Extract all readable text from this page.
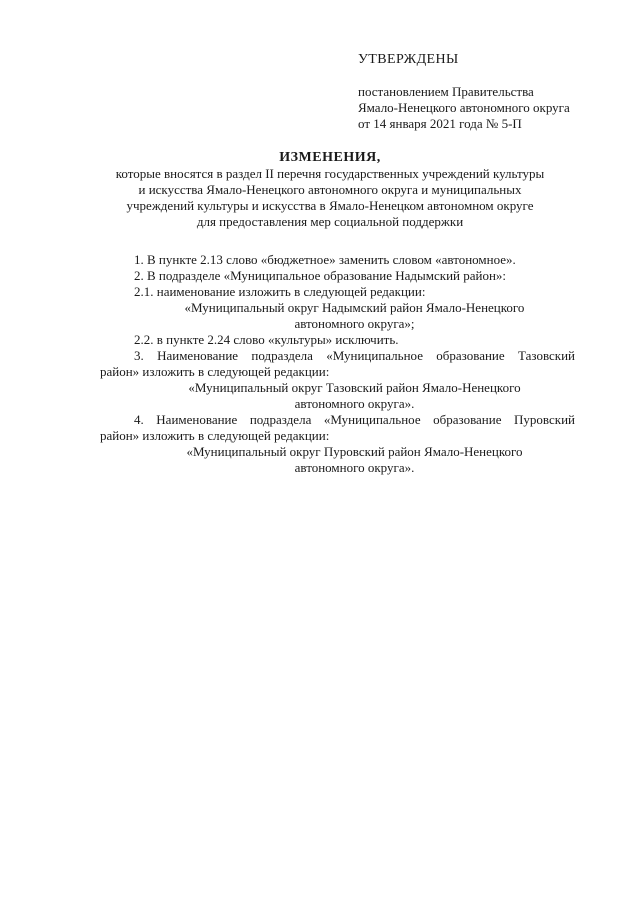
УТВЕРЖДЕНЫ
постановлением Правительства
Ямало-Ненецкого автономного округа
от 14 января 2021 года № 5-П
ИЗМЕНЕНИЯ,
которые вносятся в раздел II перечня государственных учреждений культуры
и искусства Ямало-Ненецкого автономного округа и муниципальных
учреждений культуры и искусства в Ямало-Ненецком автономном округе
для предоставления мер социальной поддержки
1. В пункте 2.13 слово «бюджетное» заменить словом «автономное».
2. В подразделе «Муниципальное образование Надымский район»:
2.1. наименование изложить в следующей редакции:
«Муниципальный округ Надымский район Ямало-Ненецкого
автономного округа»;
2.2. в пункте 2.24 слово «культуры» исключить.
3. Наименование подраздела «Муниципальное образование Тазовский
район» изложить в следующей редакции:
«Муниципальный округ Тазовский район Ямало-Ненецкого
автономного округа».
4. Наименование подраздела «Муниципальное образование Пуровский
район» изложить в следующей редакции:
«Муниципальный округ Пуровский район Ямало-Ненецкого
автономного округа».
